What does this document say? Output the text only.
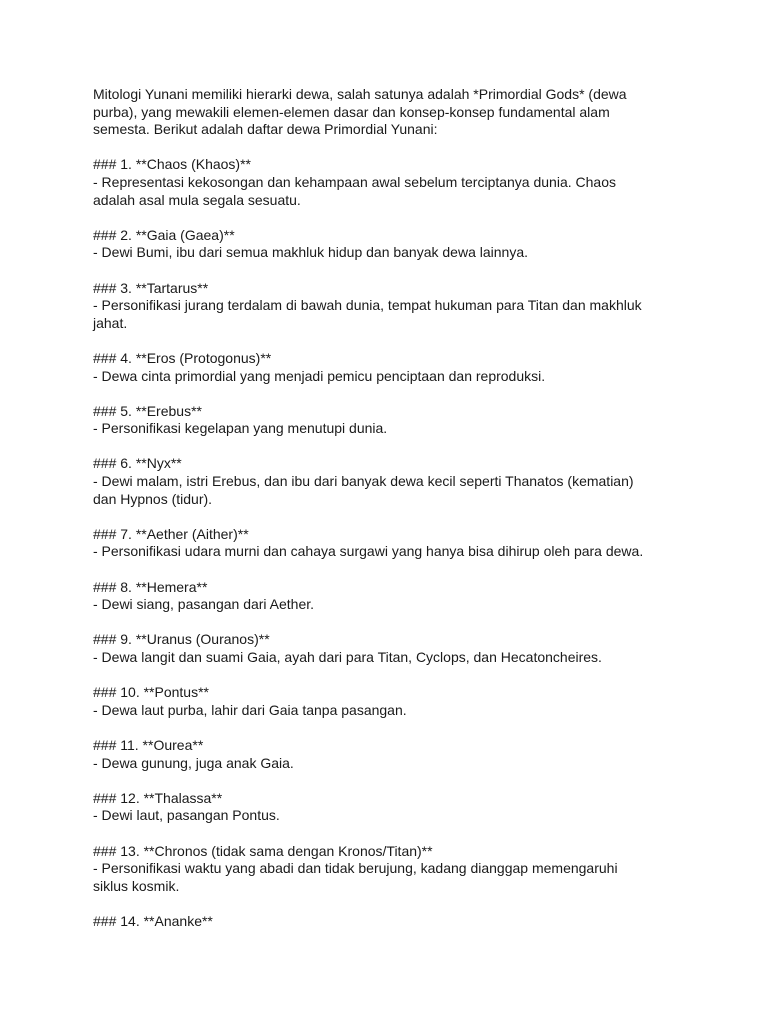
Mitologi Yunani memiliki hierarki dewa, salah satunya adalah *Primordial Gods* (dewa
purba), yang mewakili elemen-elemen dasar dan konsep-konsep fundamental alam
semesta. Berikut adalah daftar dewa Primordial Yunani:

### 1. **Chaos (Khaos)**

- Representasi kekosongan dan kehampaan awal sebelum terciptanya dunia. Chaos
adalah asal mula segala sesuatu.

### 2. **Gaia (Gaea)**

- Dewi Bumi, ibu dari semua makhluk hidup dan banyak dewa lainnya.

### 3. **Tartarus**

- Personifikasi jurang terdalam di bawah dunia, tempat hukuman para Titan dan makhluk
jahat.

### 4. **Eros (Protogonus)**

- Dewa cinta primordial yang menjadi pemicu penciptaan dan reproduksi.

### 5. **Erebus**

- Personifikasi kegelapan yang menutupi dunia.

### 6. **Nyx**

- Dewi malam, istri Erebus, dan ibu dari banyak dewa kecil seperti Thanatos (kematian)
dan Hypnos (tidur).

### 7. **Aether (Aither)**

- Personifikasi udara murni dan cahaya surgawi yang hanya bisa dihirup oleh para dewa.

### 8. **Hemera**

- Dewi siang, pasangan dari Aether.

### 9. **Uranus (Ouranos)**

- Dewa langit dan suami Gaia, ayah dari para Titan, Cyclops, dan Hecatoncheires.

### 10. **Pontus**

- Dewa laut purba, lahir dari Gaia tanpa pasangan.

### 11. **Ourea**

- Dewa gunung, juga anak Gaia.

### 12. **Thalassa**

- Dewi laut, pasangan Pontus.

### 13. **Chronos (tidak sama dengan Kronos/Titan)**

- Personifikasi waktu yang abadi dan tidak berujung, kadang dianggap memengaruhi
siklus kosmik.

### 14. **Ananke**
